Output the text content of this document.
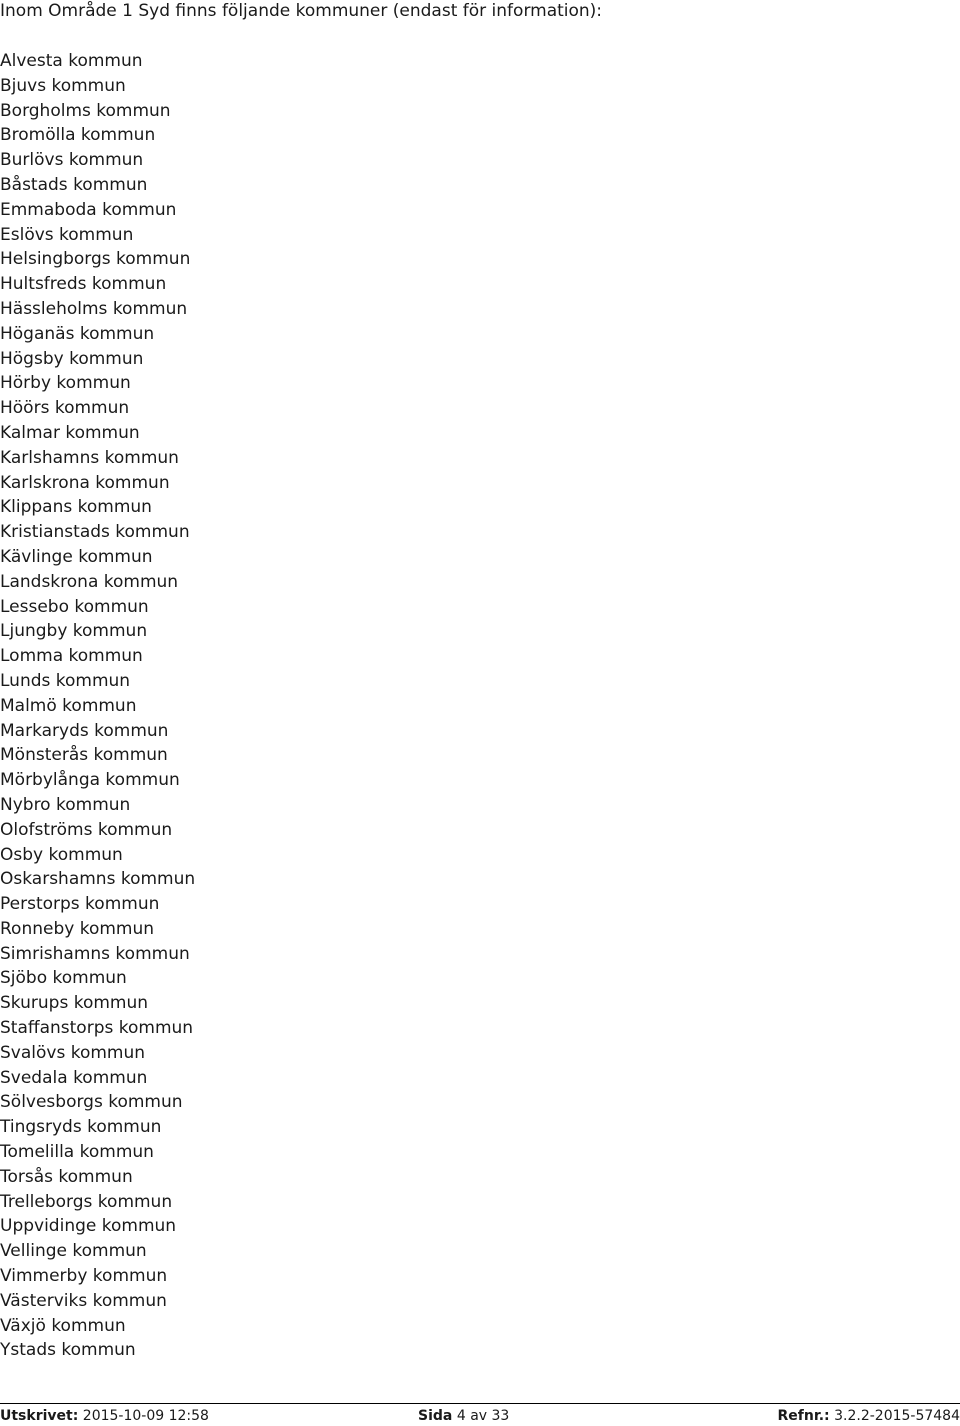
Inom Område 1 Syd finns följande kommuner (endast för information):
Alvesta kommun
Bjuvs kommun
Borgholms kommun
Bromölla kommun
Burlövs kommun
Båstads kommun
Emmaboda kommun
Eslövs kommun
Helsingborgs kommun
Hultsfreds kommun
Hässleholms kommun
Höganäs kommun
Högsby kommun
Hörby kommun
Höörs kommun
Kalmar kommun
Karlshamns kommun
Karlskrona kommun
Klippans kommun
Kristianstads kommun
Kävlinge kommun
Landskrona kommun
Lessebo kommun
Ljungby kommun
Lomma kommun
Lunds kommun
Malmö kommun
Markaryds kommun
Mönsterås kommun
Mörbylånga kommun
Nybro kommun
Olofströms kommun
Osby kommun
Oskarshamns kommun
Perstorps kommun
Ronneby kommun
Simrishamns kommun
Sjöbo kommun
Skurups kommun
Staffanstorps kommun
Svalövs kommun
Svedala kommun
Sölvesborgs kommun
Tingsryds kommun
Tomelilla kommun
Torsås kommun
Trelleborgs kommun
Uppvidinge kommun
Vellinge kommun
Vimmerby kommun
Västerviks kommun
Växjö kommun
Ystads kommun
Utskrivet: 2015-10-09 12:58	Sida 4 av 33	Refnr.: 3.2.2-2015-57484
